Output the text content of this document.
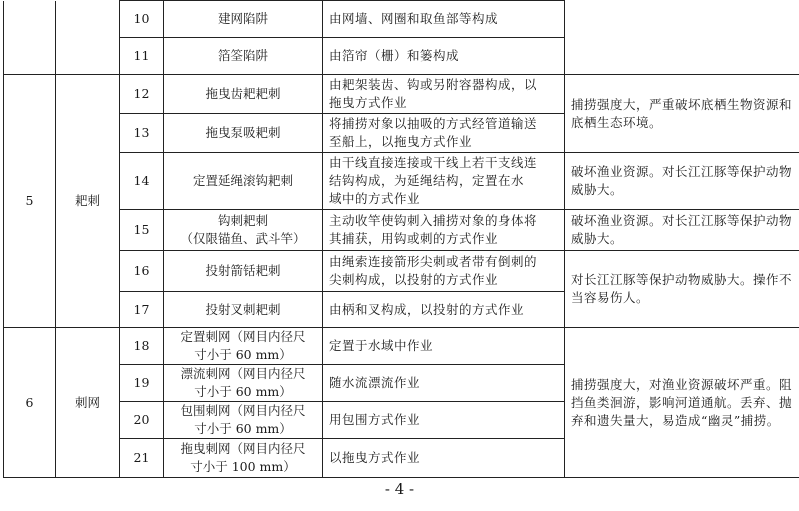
		10	建网陷阱	由网墙、网圈和取鱼部等构成	
		11	箔筌陷阱	由箔帘（栅）和篓构成	
5	耙刺	12	拖曳齿耙耙刺	由耙架装齿、钩或另附容器构成，以
拖曳方式作业	捕捞强度大，严重破坏底栖生物资源和
底栖生态环境。
		13	拖曳泵吸耙刺	将捕捞对象以抽吸的方式经管道输送
至船上，以拖曳方式作业	
		14	定置延绳滚钩耙刺	由干线直接连接或干线上若干支线连
结钩构成，为延绳结构，定置在水
域中的方式作业	破坏渔业资源。对长江江豚等保护动物
威胁大。
		15	钩刺耙刺
（仅限锚鱼、武斗竿）	主动收竿使钩刺入捕捞对象的身体将
其捕获，用钩或刺的方式作业	破坏渔业资源。对长江江豚等保护动物
威胁大。
		16	投射箭铦耙刺	由绳索连接箭形尖刺或者带有倒刺的
尖刺构成，以投射的方式作业	对长江江豚等保护动物威胁大。操作不
当容易伤人。
		17	投射叉刺耙刺	由柄和叉构成，以投射的方式作业	
6	刺网	18	定置刺网（网目内径尺
寸小于 60 mm）	定置于水域中作业	捕捞强度大，对渔业资源破坏严重。阻
挡鱼类洄游，影响河道通航。丢弃、抛
弃和遗失量大，易造成“幽灵”捕捞。
		19	漂流刺网（网目内径尺
寸小于 60 mm）	随水流漂流作业	
		20	包围刺网（网目内径尺
寸小于 60 mm）	用包围方式作业	
		21	拖曳刺网（网目内径尺
寸小于 100 mm）	以拖曳方式作业	
- 4 -
